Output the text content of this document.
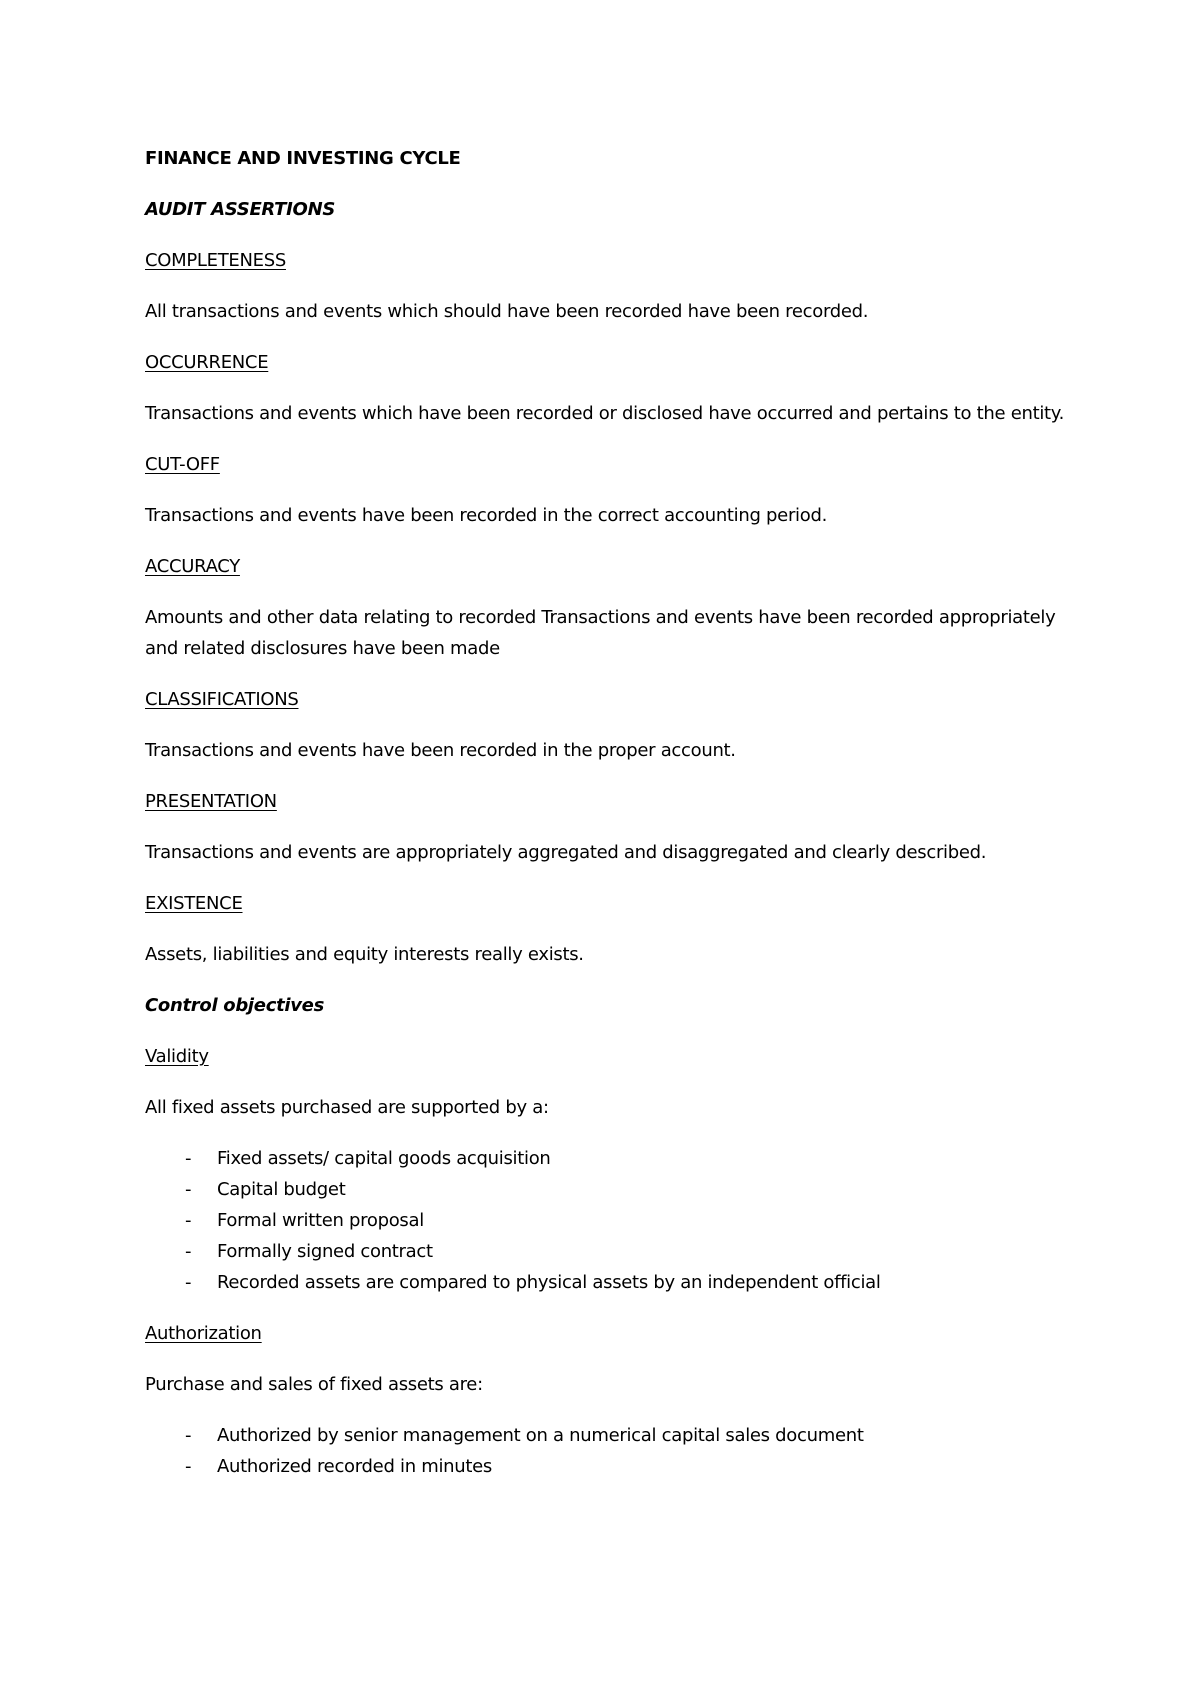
FINANCE AND INVESTING CYCLE

AUDIT ASSERTIONS

COMPLETENESS

All transactions and events which should have been recorded have been recorded.

OCCURRENCE

Transactions and events which have been recorded or disclosed have occurred and pertains to the entity.

CUT-OFF

Transactions and events have been recorded in the correct accounting period.

ACCURACY

Amounts and other data relating to recorded Transactions and events have been recorded appropriately and related disclosures have been made

CLASSIFICATIONS

Transactions and events have been recorded in the proper account.

PRESENTATION

Transactions and events are appropriately aggregated and disaggregated and clearly described.

EXISTENCE

Assets, liabilities and equity interests really exists.

Control objectives

Validity

All fixed assets purchased are supported by a:

- Fixed assets/ capital goods acquisition
- Capital budget
- Formal written proposal
- Formally signed contract
- Recorded assets are compared to physical assets by an independent official

Authorization

Purchase and sales of fixed assets are:

- Authorized by senior management on a numerical capital sales document
- Authorized recorded in minutes
